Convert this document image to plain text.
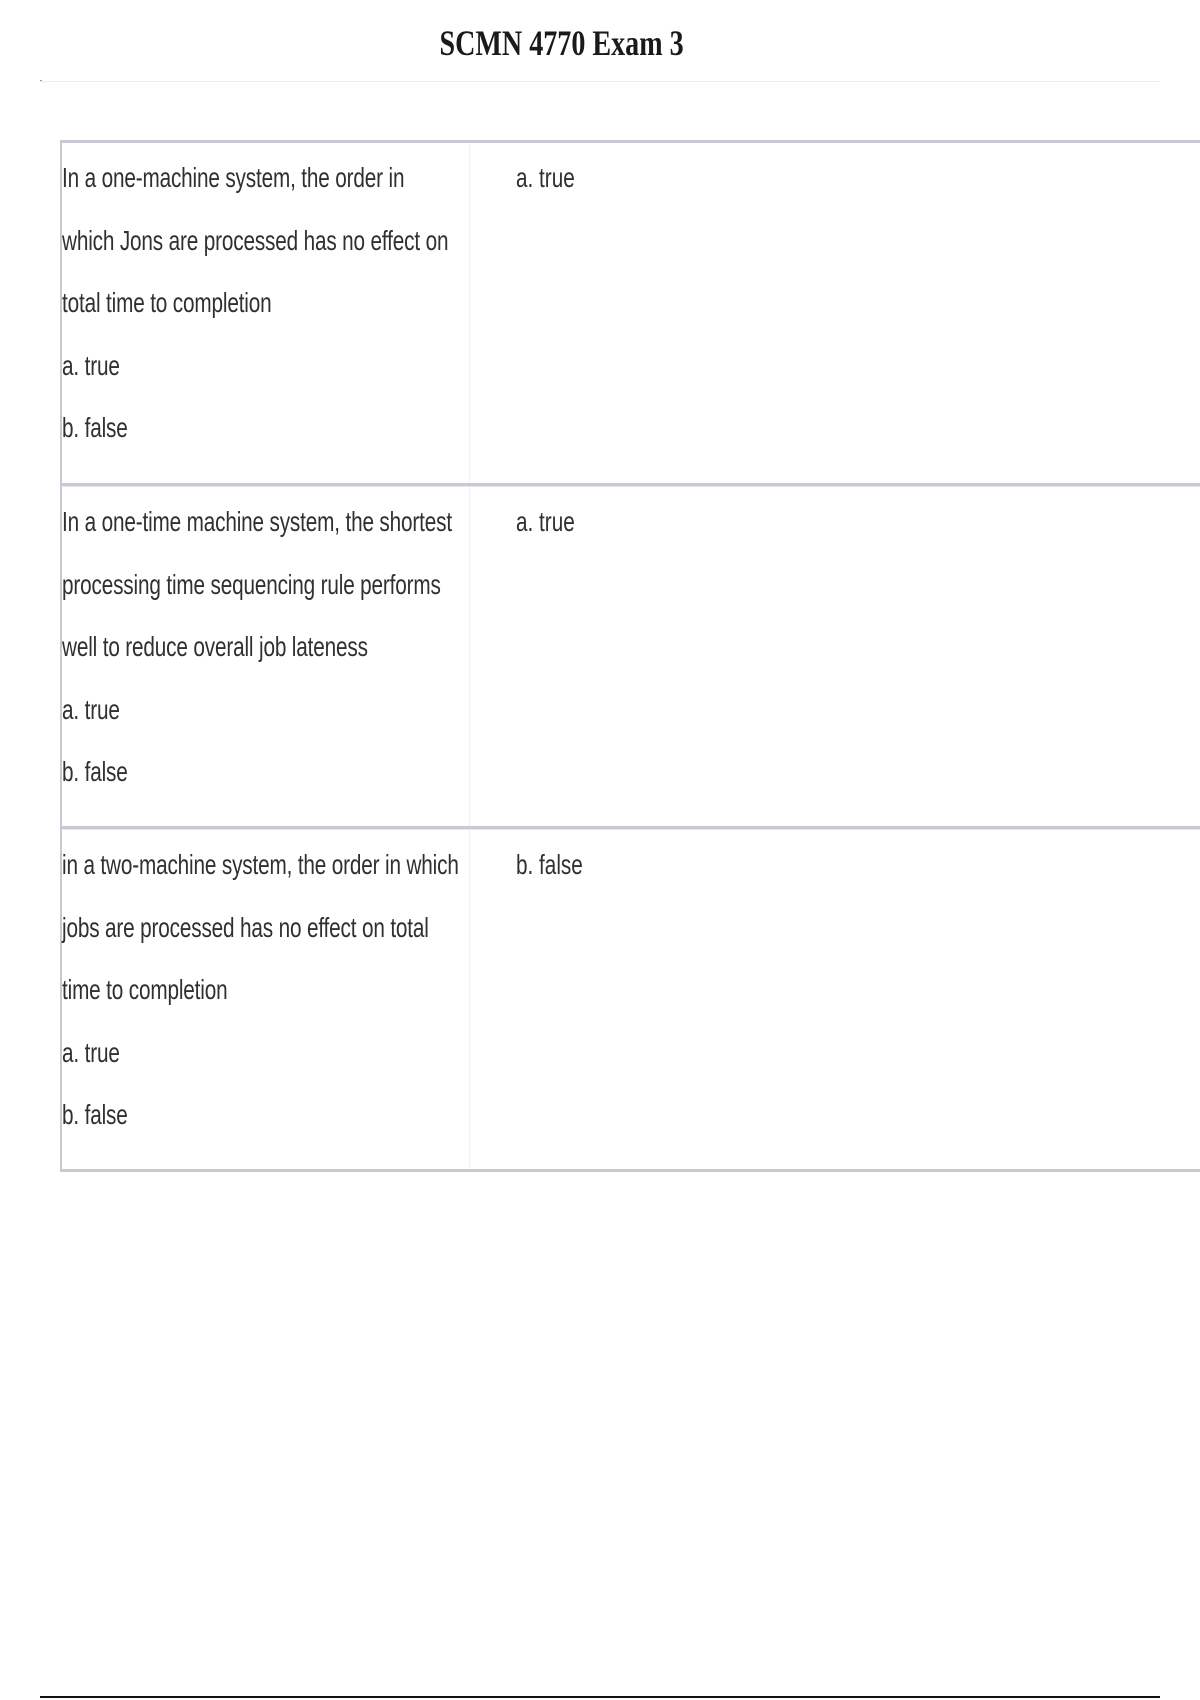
SCMN 4770 Exam 3
In a one-machine system, the order in
which Jons are processed has no effect on
total time to completion
a. true
b. false
a. true
In a one-time machine system, the shortest
processing time sequencing rule performs
well to reduce overall job lateness
a. true
b. false
a. true
in a two-machine system, the order in which
jobs are processed has no effect on total
time to completion
a. true
b. false
b. false
